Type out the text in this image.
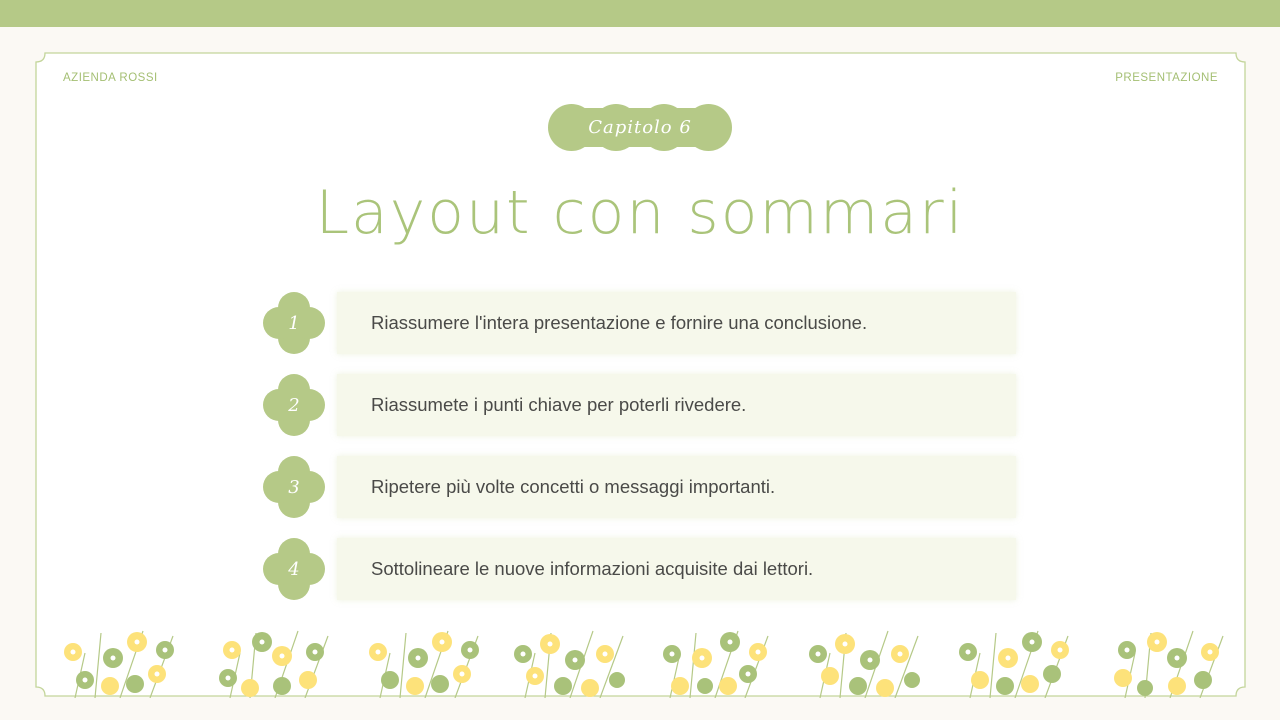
AZIENDA ROSSI	PRESENTAZIONE
Capitolo 6
Layout con sommari
1	Riassumere l'intera presentazione e fornire una conclusione.
2	Riassumete i punti chiave per poterli rivedere.
3	Ripetere più volte concetti o messaggi importanti.
4	Sottolineare le nuove informazioni acquisite dai lettori.
